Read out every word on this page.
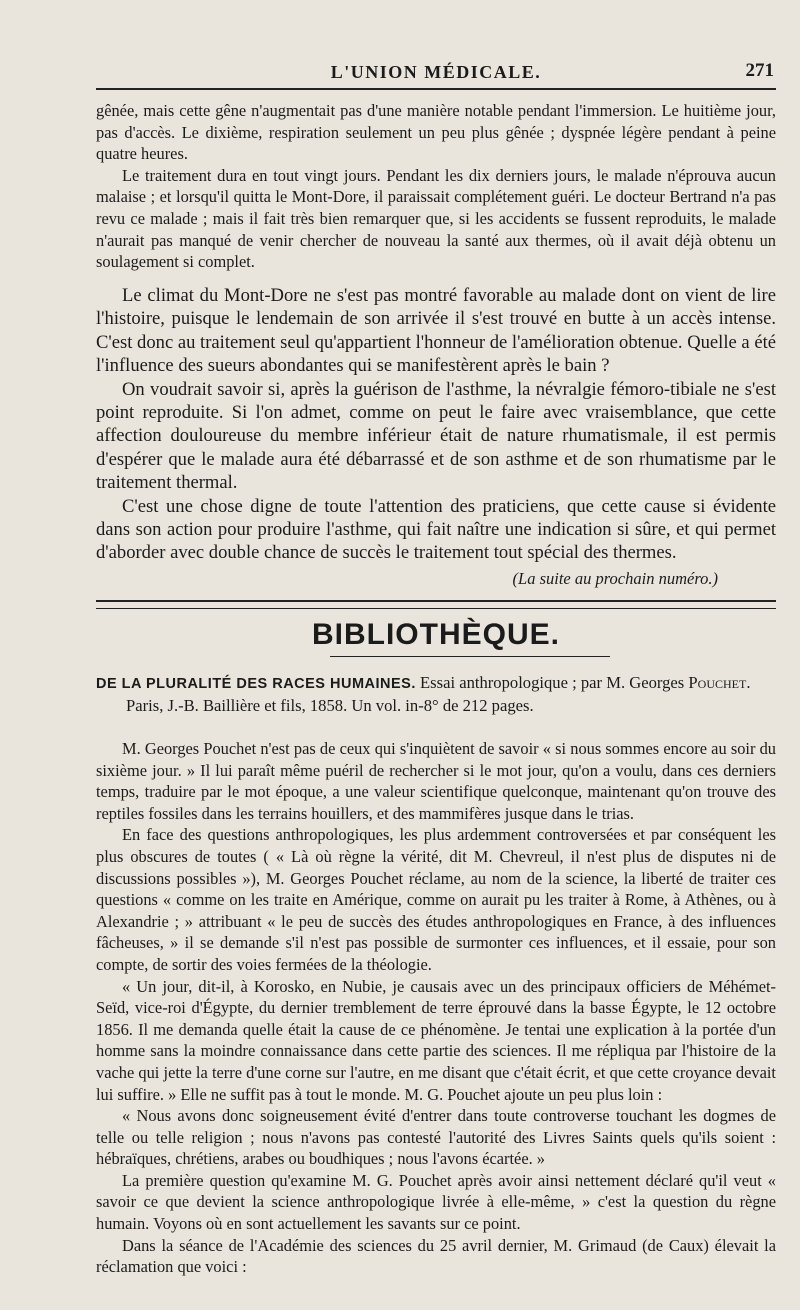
L'UNION MÉDICALE.	271

gênée, mais cette gêne n'augmentait pas d'une manière notable pendant l'immersion. Le huitième jour, pas d'accès. Le dixième, respiration seulement un peu plus gênée ; dyspnée légère pendant à peine quatre heures.

Le traitement dura en tout vingt jours. Pendant les dix derniers jours, le malade n'éprouva aucun malaise ; et lorsqu'il quitta le Mont-Dore, il paraissait complétement guéri. Le docteur Bertrand n'a pas revu ce malade ; mais il fait très bien remarquer que, si les accidents se fussent reproduits, le malade n'aurait pas manqué de venir chercher de nouveau la santé aux thermes, où il avait déjà obtenu un soulagement si complet.

Le climat du Mont-Dore ne s'est pas montré favorable au malade dont on vient de lire l'histoire, puisque le lendemain de son arrivée il s'est trouvé en butte à un accès intense. C'est donc au traitement seul qu'appartient l'honneur de l'amélioration obtenue. Quelle a été l'influence des sueurs abondantes qui se manifestèrent après le bain ?

On voudrait savoir si, après la guérison de l'asthme, la névralgie fémoro-tibiale ne s'est point reproduite. Si l'on admet, comme on peut le faire avec vraisemblance, que cette affection douloureuse du membre inférieur était de nature rhumatismale, il est permis d'espérer que le malade aura été débarrassé et de son asthme et de son rhumatisme par le traitement thermal.

C'est une chose digne de toute l'attention des praticiens, que cette cause si évidente dans son action pour produire l'asthme, qui fait naître une indication si sûre, et qui permet d'aborder avec double chance de succès le traitement tout spécial des thermes.

(La suite au prochain numéro.)
BIBLIOTHÈQUE.
DE LA PLURALITÉ DES RACES HUMAINES. Essai anthropologique ; par M. Georges Pouchet.
Paris, J.-B. Baillière et fils, 1858. Un vol. in-8° de 212 pages.

M. Georges Pouchet n'est pas de ceux qui s'inquiètent de savoir « si nous sommes encore au soir du sixième jour. » Il lui paraît même puéril de rechercher si le mot jour, qu'on a voulu, dans ces derniers temps, traduire par le mot époque, a une valeur scientifique quelconque, maintenant qu'on trouve des reptiles fossiles dans les terrains houillers, et des mammifères jusque dans le trias.

En face des questions anthropologiques, les plus ardemment controversées et par conséquent les plus obscures de toutes ( « Là où règne la vérité, dit M. Chevreul, il n'est plus de disputes ni de discussions possibles »), M. Georges Pouchet réclame, au nom de la science, la liberté de traiter ces questions « comme on les traite en Amérique, comme on aurait pu les traiter à Rome, à Athènes, ou à Alexandrie ; » attribuant « le peu de succès des études anthropologiques en France, à des influences fâcheuses, » il se demande s'il n'est pas possible de surmonter ces influences, et il essaie, pour son compte, de sortir des voies fermées de la théologie.

« Un jour, dit-il, à Korosko, en Nubie, je causais avec un des principaux officiers de Méhémet-Seïd, vice-roi d'Égypte, du dernier tremblement de terre éprouvé dans la basse Égypte, le 12 octobre 1856. Il me demanda quelle était la cause de ce phénomène. Je tentai une explication à la portée d'un homme sans la moindre connaissance dans cette partie des sciences. Il me répliqua par l'histoire de la vache qui jette la terre d'une corne sur l'autre, en me disant que c'était écrit, et que cette croyance devait lui suffire. » Elle ne suffit pas à tout le monde. M. G. Pouchet ajoute un peu plus loin :

« Nous avons donc soigneusement évité d'entrer dans toute controverse touchant les dogmes de telle ou telle religion ; nous n'avons pas contesté l'autorité des Livres Saints quels qu'ils soient : hébraïques, chrétiens, arabes ou boudhiques ; nous l'avons écartée. »

La première question qu'examine M. G. Pouchet après avoir ainsi nettement déclaré qu'il veut « savoir ce que devient la science anthropologique livrée à elle-même, » c'est la question du règne humain. Voyons où en sont actuellement les savants sur ce point.

Dans la séance de l'Académie des sciences du 25 avril dernier, M. Grimaud (de Caux) élevait la réclamation que voici :
